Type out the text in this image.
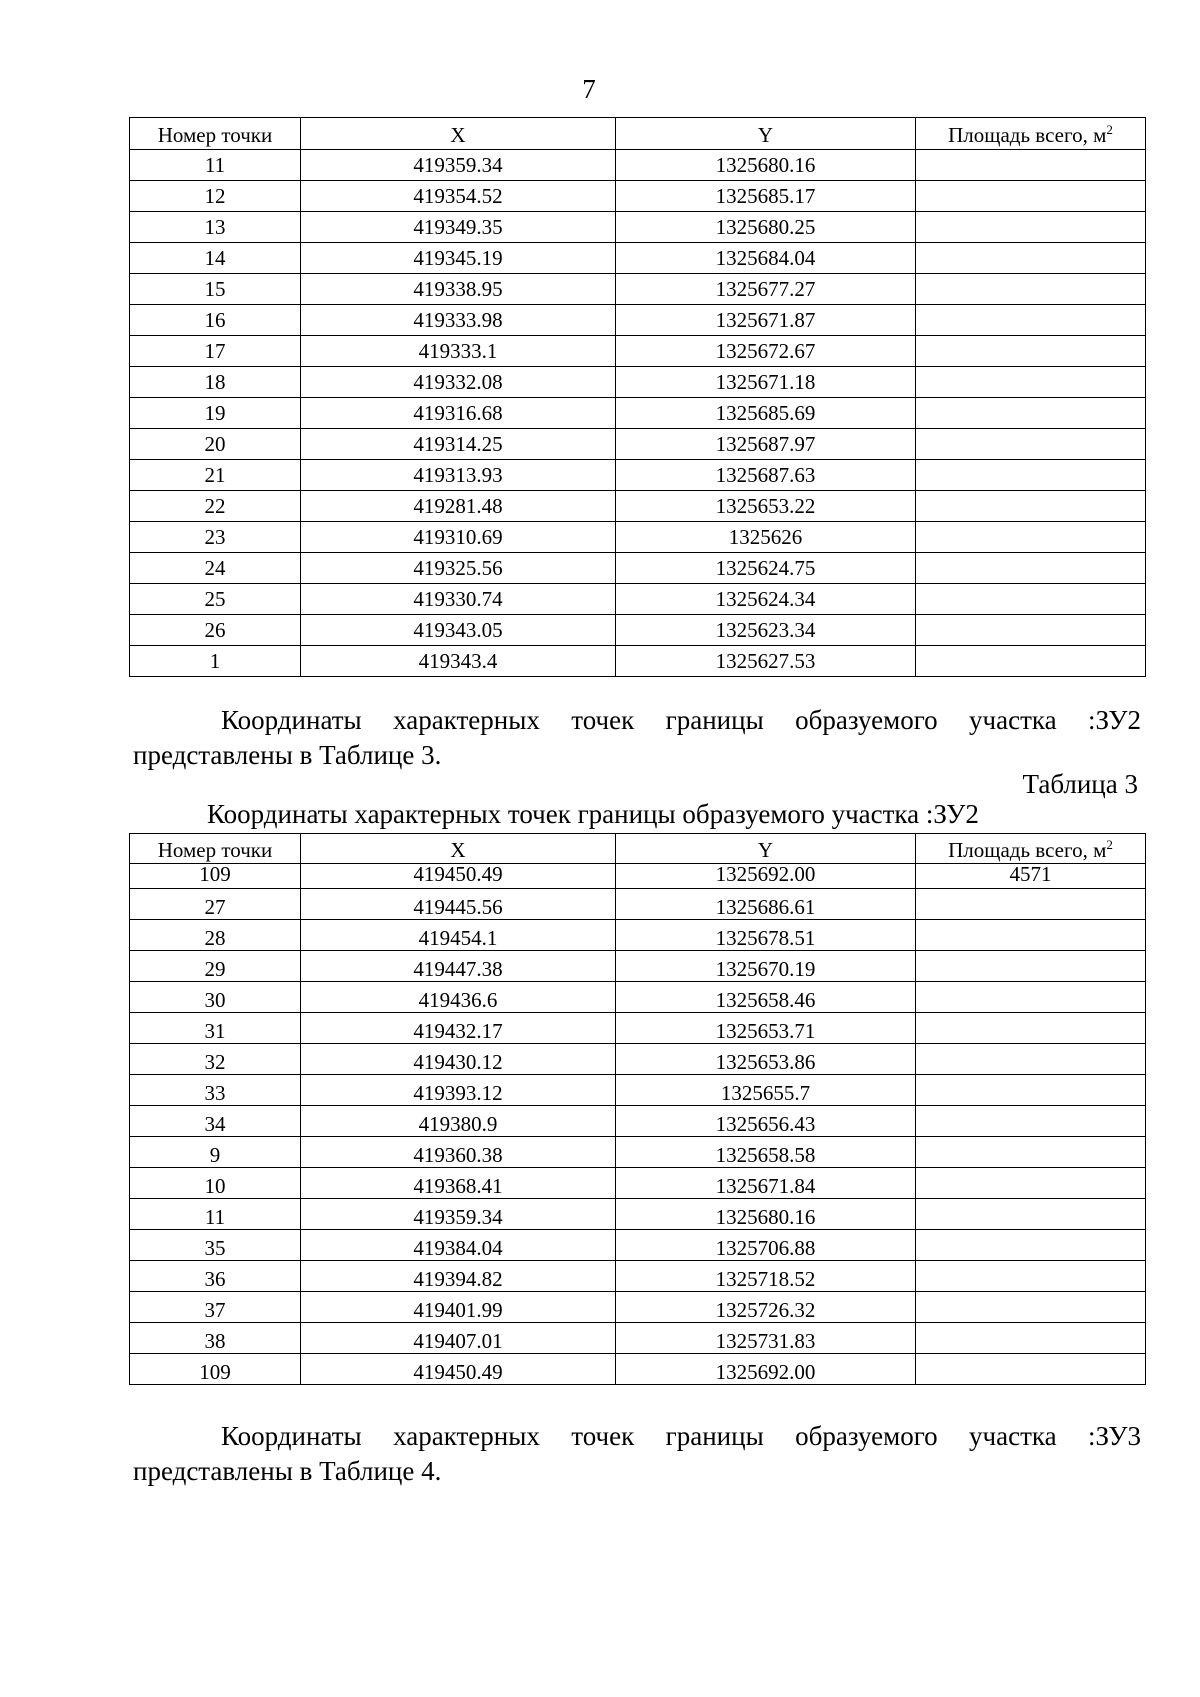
7
Номер точки	X	Y	Площадь всего, $м^2$
11	419359.34	1325680.16	
12	419354.52	1325685.17	
13	419349.35	1325680.25	
14	419345.19	1325684.04	
15	419338.95	1325677.27	
16	419333.98	1325671.87	
17	419333.1	1325672.67	
18	419332.08	1325671.18	
19	419316.68	1325685.69	
20	419314.25	1325687.97	
21	419313.93	1325687.63	
22	419281.48	1325653.22	
23	419310.69	1325626	
24	419325.56	1325624.75	
25	419330.74	1325624.34	
26	419343.05	1325623.34	
1	419343.4	1325627.53	
Координаты характерных точек границы образуемого участка :ЗУ2
представлены в Таблице 3.
Таблица 3
Координаты характерных точек границы образуемого участка :ЗУ2
Номер точки	X	Y	Площадь всего, $м^2$
109	419450.49	1325692.00	4571
27	419445.56	1325686.61	
28	419454.1	1325678.51	
29	419447.38	1325670.19	
30	419436.6	1325658.46	
31	419432.17	1325653.71	
32	419430.12	1325653.86	
33	419393.12	1325655.7	
34	419380.9	1325656.43	
9	419360.38	1325658.58	
10	419368.41	1325671.84	
11	419359.34	1325680.16	
35	419384.04	1325706.88	
36	419394.82	1325718.52	
37	419401.99	1325726.32	
38	419407.01	1325731.83	
109	419450.49	1325692.00	
Координаты характерных точек границы образуемого участка :ЗУ3
представлены в Таблице 4.
